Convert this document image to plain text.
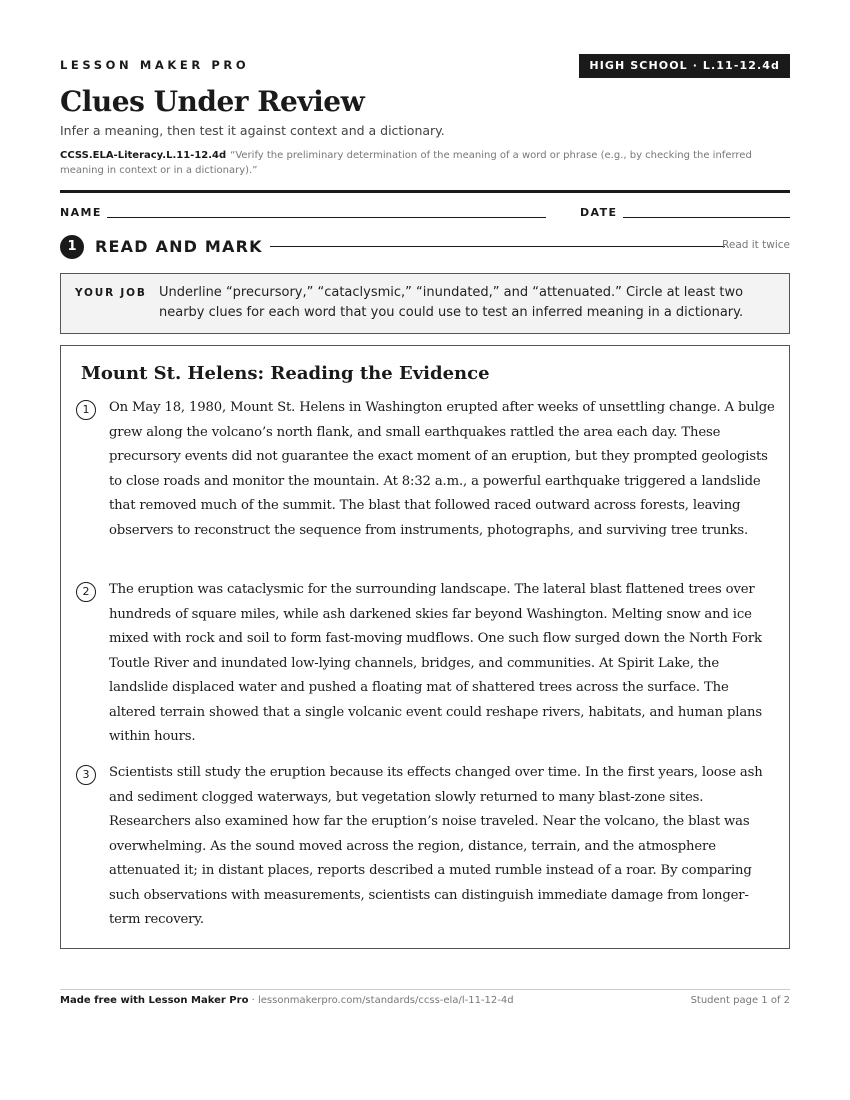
LESSON MAKER PRO	HIGH SCHOOL · L.11-12.4d
Clues Under Review
Infer a meaning, then test it against context and a dictionary.
CCSS.ELA-Literacy.L.11-12.4d “Verify the preliminary determination of the meaning of a word or phrase (e.g., by checking the inferred meaning in context or in a dictionary).”
NAME	DATE
1	READ AND MARK	Read it twice
YOUR JOB Underline “precursory,” “cataclysmic,” “inundated,” and “attenuated.” Circle at least two nearby clues for each word that you could use to test an inferred meaning in a dictionary.
Mount St. Helens: Reading the Evidence
1	On May 18, 1980, Mount St. Helens in Washington erupted after weeks of unsettling change. A bulge grew along the volcano’s north flank, and small earthquakes rattled the area each day. These precursory events did not guarantee the exact moment of an eruption, but they prompted geologists to close roads and monitor the mountain. At 8:32 a.m., a powerful earthquake triggered a landslide that removed much of the summit. The blast that followed raced outward across forests, leaving observers to reconstruct the sequence from instruments, photographs, and surviving tree trunks.
2	The eruption was cataclysmic for the surrounding landscape. The lateral blast flattened trees over hundreds of square miles, while ash darkened skies far beyond Washington. Melting snow and ice mixed with rock and soil to form fast-moving mudflows. One such flow surged down the North Fork Toutle River and inundated low-lying channels, bridges, and communities. At Spirit Lake, the landslide displaced water and pushed a floating mat of shattered trees across the surface. The altered terrain showed that a single volcanic event could reshape rivers, habitats, and human plans within hours.
3	Scientists still study the eruption because its effects changed over time. In the first years, loose ash and sediment clogged waterways, but vegetation slowly returned to many blast-zone sites. Researchers also examined how far the eruption’s noise traveled. Near the volcano, the blast was overwhelming. As the sound moved across the region, distance, terrain, and the atmosphere attenuated it; in distant places, reports described a muted rumble instead of a roar. By comparing such observations with measurements, scientists can distinguish immediate damage from longer-term recovery.
Made free with Lesson Maker Pro · lessonmakerpro.com/standards/ccss-ela/l-11-12-4d	Student page 1 of 2
